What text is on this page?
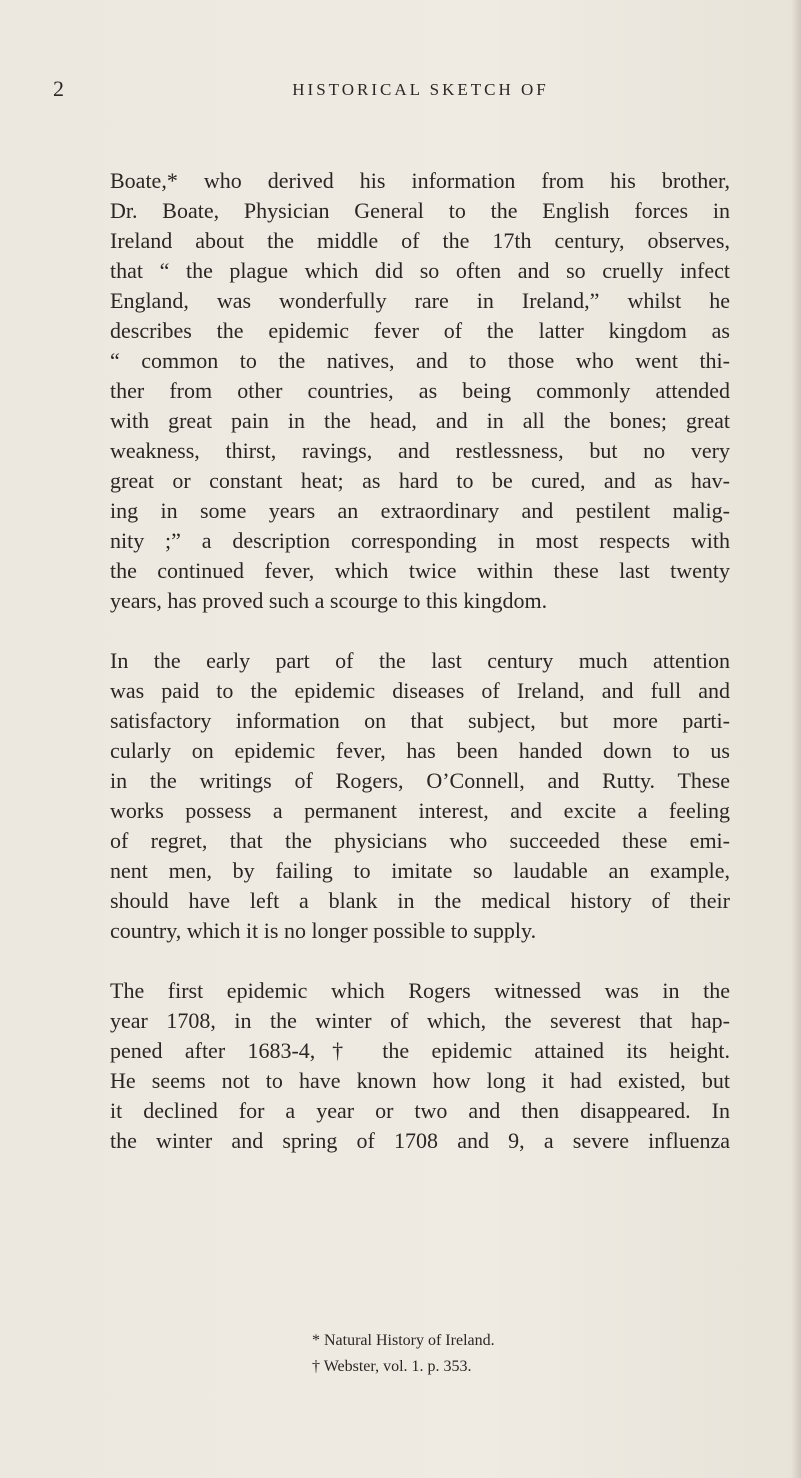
2	HISTORICAL SKETCH OF

Boate,* who derived his information from his brother,
Dr. Boate, Physician General to the English forces in
Ireland about the middle of the 17th century, observes,
that “ the plague which did so often and so cruelly infect
England, was wonderfully rare in Ireland,” whilst he
describes the epidemic fever of the latter kingdom as
“ common to the natives, and to those who went thi-
ther from other countries, as being commonly attended
with great pain in the head, and in all the bones; great
weakness, thirst, ravings, and restlessness, but no very
great or constant heat; as hard to be cured, and as hav-
ing in some years an extraordinary and pestilent malig-
nity ;” a description corresponding in most respects with
the continued fever, which twice within these last twenty
years, has proved such a scourge to this kingdom.

In the early part of the last century much attention
was paid to the epidemic diseases of Ireland, and full and
satisfactory information on that subject, but more parti-
cularly on epidemic fever, has been handed down to us
in the writings of Rogers, O’Connell, and Rutty. These
works possess a permanent interest, and excite a feeling
of regret, that the physicians who succeeded these emi-
nent men, by failing to imitate so laudable an example,
should have left a blank in the medical history of their
country, which it is no longer possible to supply.

The first epidemic which Rogers witnessed was in the
year 1708, in the winter of which, the severest that hap-
pened after 1683-4,† the epidemic attained its height.
He seems not to have known how long it had existed, but
it declined for a year or two and then disappeared. In
the winter and spring of 1708 and 9, a severe influenza

* Natural History of Ireland.
† Webster, vol. 1. p. 353.
